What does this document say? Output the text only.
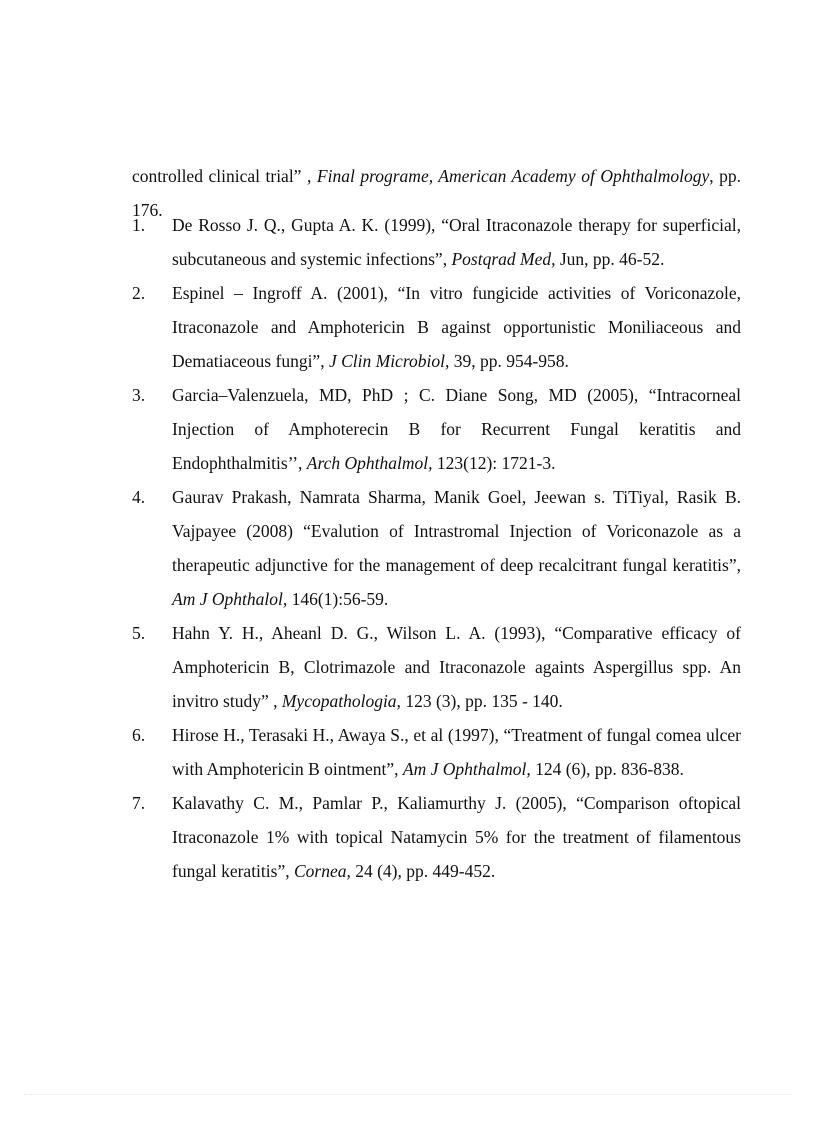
controlled clinical trial” , Final programe, American Academy of Ophthalmology, pp. 176.

1. De Rosso J. Q., Gupta A. K. (1999), “Oral Itraconazole therapy for superficial, subcutaneous and systemic infections”, Postqrad Med, Jun, pp. 46-52.
2. Espinel – Ingroff A. (2001), “In vitro fungicide activities of Voriconazole, Itraconazole and Amphotericin B against opportunistic Moniliaceous and Dematiaceous fungi”, J Clin Microbiol, 39, pp. 954-958.
3. Garcia–Valenzuela, MD, PhD ; C. Diane Song, MD (2005), “Intracorneal Injection of Amphoterecin B for Recurrent Fungal keratitis and Endophthalmitis’’, Arch Ophthalmol, 123(12): 1721-3.
4. Gaurav Prakash, Namrata Sharma, Manik Goel, Jeewan s. TiTiyal, Rasik B. Vajpayee (2008) “Evalution of Intrastromal Injection of Voriconazole as a therapeutic adjunctive for the management of deep recalcitrant fungal keratitis”, Am J Ophthalol, 146(1):56-59.
5. Hahn Y. H., Aheanl D. G., Wilson L. A. (1993), “Comparative efficacy of Amphotericin B, Clotrimazole and Itraconazole againts Aspergillus spp. An invitro study” , Mycopathologia, 123 (3), pp. 135 - 140.
6. Hirose H., Terasaki H., Awaya S., et al (1997), “Treatment of fungal comea ulcer with Amphotericin B ointment”, Am J Ophthalmol, 124 (6), pp. 836-838.
7. Kalavathy C. M., Pamlar P., Kaliamurthy J. (2005), “Comparison oftopical Itraconazole 1% with topical Natamycin 5% for the treatment of filamentous fungal keratitis”, Cornea, 24 (4), pp. 449-452.
